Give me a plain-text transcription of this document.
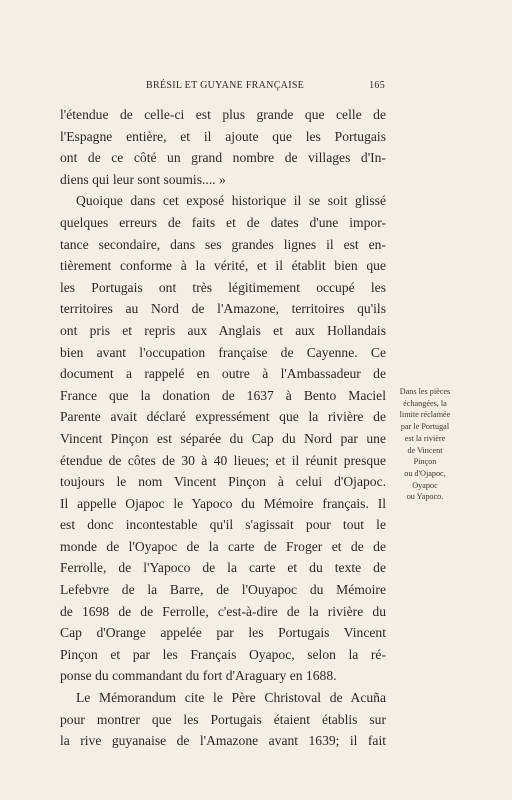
BRÉSIL ET GUYANE FRANÇAISE	165
l'étendue de celle-ci est plus grande que celle de
l'Espagne entière, et il ajoute que les Portugais
ont de ce côté un grand nombre de villages d'In-
diens qui leur sont soumis.... »
Quoique dans cet exposé historique il se soit glissé
quelques erreurs de faits et de dates d'une impor-
tance secondaire, dans ses grandes lignes il est en-
tièrement conforme à la vérité, et il établit bien que
les Portugais ont très légitimement occupé les
territoires au Nord de l'Amazone, territoires qu'ils
ont pris et repris aux Anglais et aux Hollandais
bien avant l'occupation française de Cayenne. Ce
document a rappelé en outre à l'Ambassadeur de
France que la donation de 1637 à Bento Maciel
Parente avait déclaré expressément que la rivière de
Vincent Pinçon est séparée du Cap du Nord par une
étendue de côtes de 30 à 40 lieues; et il réunit presque
toujours le nom Vincent Pinçon à celui d'Ojapoc.
Il appelle Ojapoc le Yapoco du Mémoire français. Il
est donc incontestable qu'il s'agissait pour tout le
monde de l'Oyapoc de la carte de Froger et de de
Ferrolle, de l'Yapoco de la carte et du texte de
Lefebvre de la Barre, de l'Ouyapoc du Mémoire
de 1698 de de Ferrolle, c'est-à-dire de la rivière du
Cap d'Orange appelée par les Portugais Vincent
Pinçon et par les Français Oyapoc, selon la ré-
ponse du commandant du fort d'Araguary en 1688.
Le Mémorandum cite le Père Christoval de Acuña
pour montrer que les Portugais étaient établis sur
la rive guyanaise de l'Amazone avant 1639; il fait
Dans les pièces
échangées, la
limite réclamée
par le Portugal
est la rivière
de Vincent
Pinçon
ou d'Ojapoc,
Oyapoc
ou Yapoco.
